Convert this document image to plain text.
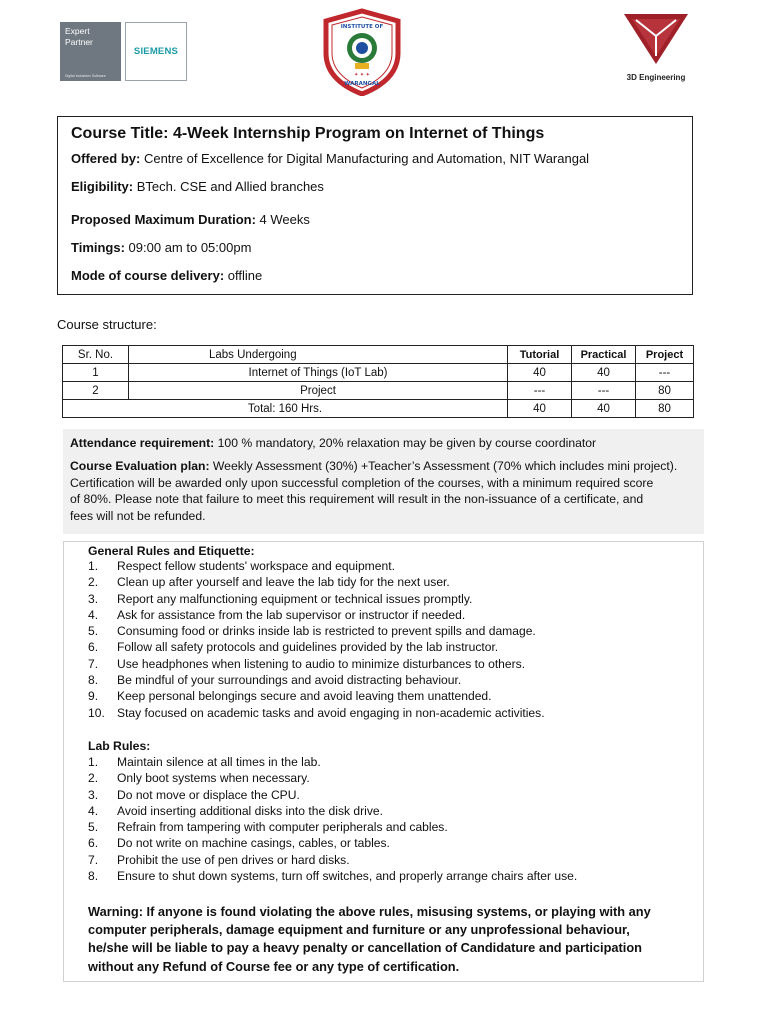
Expert
Partner
Digital Industries Software
SIEMENS
✦ ✦ ✦
INSTITUTE OF
WARANGAL
3D Engineering
Course Title: 4-Week Internship Program on Internet of Things
Offered by: Centre of Excellence for Digital Manufacturing and Automation, NIT Warangal
Eligibility: BTech. CSE and Allied branches
Proposed Maximum Duration: 4 Weeks
Timings: 09:00 am to 05:00pm
Mode of course delivery: offline
Course structure:
Sr. No.	Labs Undergoing	Tutorial	Practical	Project
1	Internet of Things (IoT Lab)	40	40	---
2	Project	---	---	80
Total: 160 Hrs.		40	40	80
Attendance requirement: 100 % mandatory, 20% relaxation may be given by course coordinator
Course Evaluation plan: Weekly Assessment (30%) +Teacher’s Assessment (70% which includes mini project).
Certification will be awarded only upon successful completion of the courses, with a minimum required score
of 80%. Please note that failure to meet this requirement will result in the non-issuance of a certificate, and
fees will not be refunded.
General Rules and Etiquette:
1.	Respect fellow students' workspace and equipment.
2.	Clean up after yourself and leave the lab tidy for the next user.
3.	Report any malfunctioning equipment or technical issues promptly.
4.	Ask for assistance from the lab supervisor or instructor if needed.
5.	Consuming food or drinks inside lab is restricted to prevent spills and damage.
6.	Follow all safety protocols and guidelines provided by the lab instructor.
7.	Use headphones when listening to audio to minimize disturbances to others.
8.	Be mindful of your surroundings and avoid distracting behaviour.
9.	Keep personal belongings secure and avoid leaving them unattended.
10.	Stay focused on academic tasks and avoid engaging in non-academic activities.
Lab Rules:
1.	Maintain silence at all times in the lab.
2.	Only boot systems when necessary.
3.	Do not move or displace the CPU.
4.	Avoid inserting additional disks into the disk drive.
5.	Refrain from tampering with computer peripherals and cables.
6.	Do not write on machine casings, cables, or tables.
7.	Prohibit the use of pen drives or hard disks.
8.	Ensure to shut down systems, turn off switches, and properly arrange chairs after use.
Warning: If anyone is found violating the above rules, misusing systems, or playing with any
computer peripherals, damage equipment and furniture or any unprofessional behaviour,
he/she will be liable to pay a heavy penalty or cancellation of Candidature and participation
without any Refund of Course fee or any type of certification.
